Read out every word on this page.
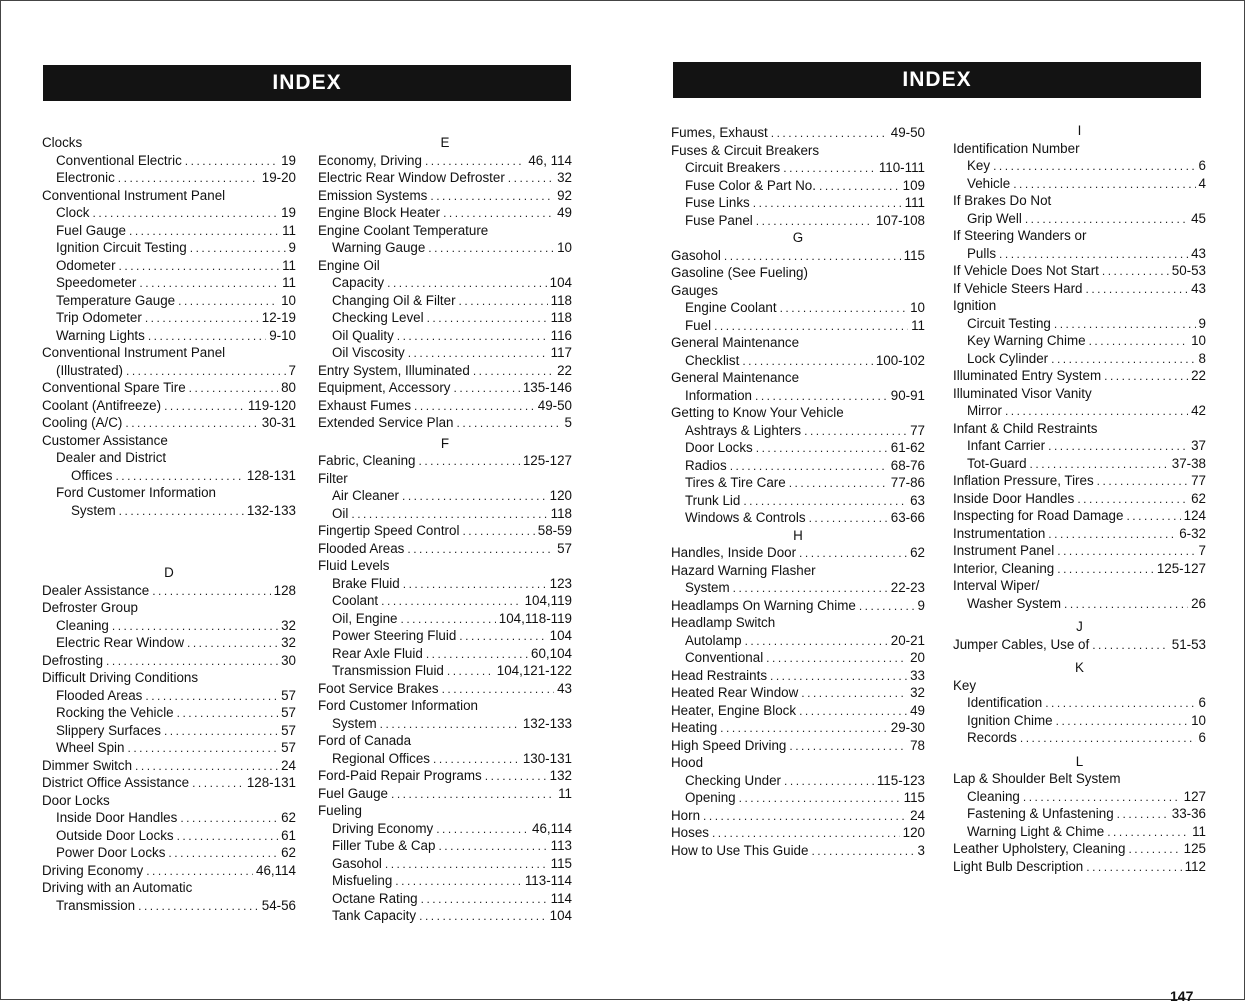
INDEX	INDEX
Clocks
Conventional Electric .....	19
Electronic .....	19-20
Conventional Instrument Panel
Clock .....	19
Fuel Gauge .....	11
Ignition Circuit Testing .....	9
Odometer .....	11
Speedometer .....	11
Temperature Gauge .....	10
Trip Odometer .....	12-19
Warning Lights .....	9-10
Conventional Instrument Panel
(Illustrated) .....	7
Conventional Spare Tire .....	80
Coolant (Antifreeze) .....	119-120
Cooling (A/C) .....	30-31
Customer Assistance
Dealer and District
Offices .....	128-131
Ford Customer Information
System .....	132-133
D
Dealer Assistance .....	128
Defroster Group
Cleaning .....	32
Electric Rear Window .....	32
Defrosting .....	30
Difficult Driving Conditions
Flooded Areas .....	57
Rocking the Vehicle .....	57
Slippery Surfaces .....	57
Wheel Spin .....	57
Dimmer Switch .....	24
District Office Assistance .....	128-131
Door Locks
Inside Door Handles .....	62
Outside Door Locks .....	61
Power Door Locks .....	62
Driving Economy .....	46,114
Driving with an Automatic
Transmission .....	54-56
E
Economy, Driving .....	46, 114
Electric Rear Window Defroster .....	32
Emission Systems .....	92
Engine Block Heater .....	49
Engine Coolant Temperature
Warning Gauge .....	10
Engine Oil
Capacity .....	104
Changing Oil & Filter .....	118
Checking Level .....	118
Oil Quality .....	116
Oil Viscosity .....	117
Entry System, Illuminated .....	22
Equipment, Accessory .....	135-146
Exhaust Fumes .....	49-50
Extended Service Plan .....	5
F
Fabric, Cleaning .....	125-127
Filter
Air Cleaner .....	120
Oil .....	118
Fingertip Speed Control .....	58-59
Flooded Areas .....	57
Fluid Levels
Brake Fluid .....	123
Coolant .....	104,119
Oil, Engine .....	104,118-119
Power Steering Fluid .....	104
Rear Axle Fluid .....	60,104
Transmission Fluid .....	104,121-122
Foot Service Brakes .....	43
Ford Customer Information
System .....	132-133
Ford of Canada
Regional Offices .....	130-131
Ford-Paid Repair Programs .....	132
Fuel Gauge .....	11
Fueling
Driving Economy .....	46,114
Filler Tube & Cap .....	113
Gasohol .....	115
Misfueling .....	113-114
Octane Rating .....	114
Tank Capacity .....	104
Fumes, Exhaust .....	49-50
Fuses & Circuit Breakers
Circuit Breakers .....	110-111
Fuse Color & Part No. .....	109
Fuse Links .....	111
Fuse Panel .....	107-108
G
Gasohol .....	115
Gasoline (See Fueling)
Gauges
Engine Coolant .....	10
Fuel .....	11
General Maintenance
Checklist .....	100-102
General Maintenance
Information .....	90-91
Getting to Know Your Vehicle
Ashtrays & Lighters .....	77
Door Locks .....	61-62
Radios .....	68-76
Tires & Tire Care .....	77-86
Trunk Lid .....	63
Windows & Controls .....	63-66
H
Handles, Inside Door .....	62
Hazard Warning Flasher
System .....	22-23
Headlamps On Warning Chime .....	9
Headlamp Switch
Autolamp .....	20-21
Conventional .....	20
Head Restraints .....	33
Heated Rear Window .....	32
Heater, Engine Block .....	49
Heating .....	29-30
High Speed Driving .....	78
Hood
Checking Under .....	115-123
Opening .....	115
Horn .....	24
Hoses .....	120
How to Use This Guide .....	3
I
Identification Number
Key .....	6
Vehicle .....	4
If Brakes Do Not
Grip Well .....	45
If Steering Wanders or
Pulls .....	43
If Vehicle Does Not Start .....	50-53
If Vehicle Steers Hard .....	43
Ignition
Circuit Testing .....	9
Key Warning Chime .....	10
Lock Cylinder .....	8
Illuminated Entry System .....	22
Illuminated Visor Vanity
Mirror .....	42
Infant & Child Restraints
Infant Carrier .....	37
Tot-Guard .....	37-38
Inflation Pressure, Tires .....	77
Inside Door Handles .....	62
Inspecting for Road Damage .....	124
Instrumentation .....	6-32
Instrument Panel .....	7
Interior, Cleaning .....	125-127
Interval Wiper/
Washer System .....	26
J
Jumper Cables, Use of .....	51-53
K
Key
Identification .....	6
Ignition Chime .....	10
Records .....	6
L
Lap & Shoulder Belt System
Cleaning .....	127
Fastening & Unfastening .....	33-36
Warning Light & Chime .....	11
Leather Upholstery, Cleaning .....	125
Light Bulb Description .....	112
147
